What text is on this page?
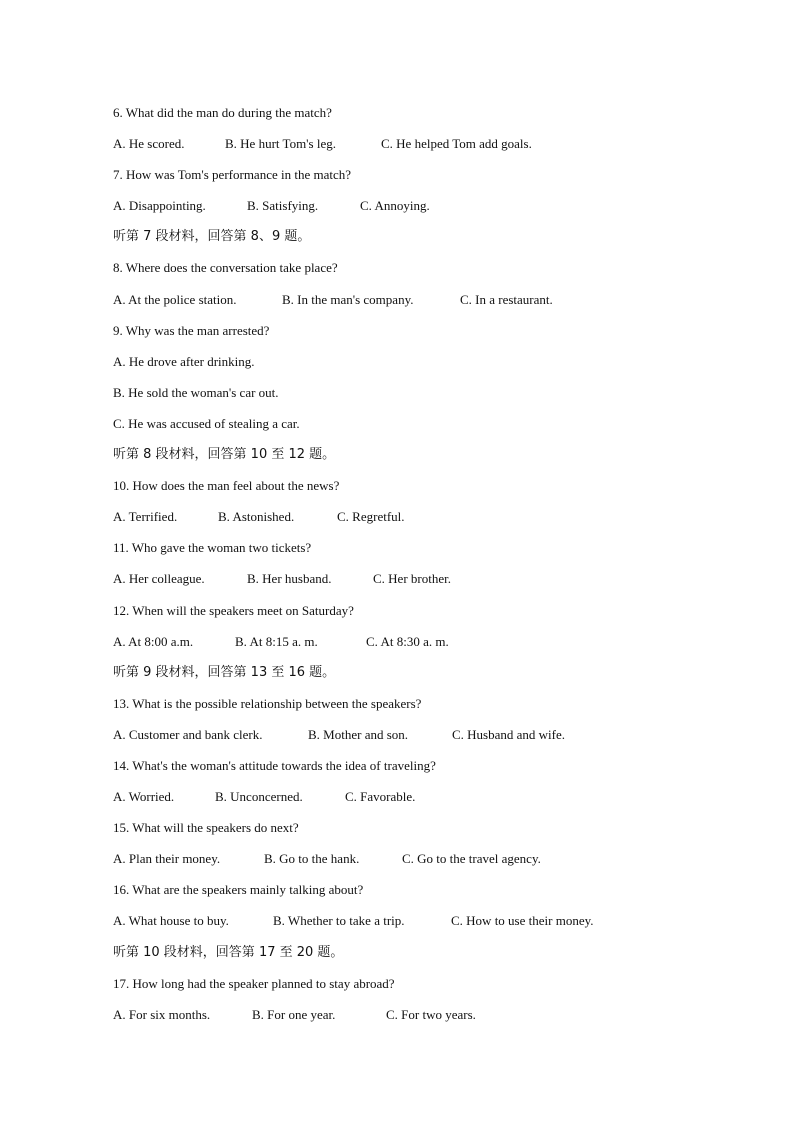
6. What did the man do during the match?
A. He scored.	B. He hurt Tom's leg.	C. He helped Tom add goals.
7. How was Tom's performance in the match?
A. Disappointing.	B. Satisfying.	C. Annoying.
听第 7 段材料，回答第 8、9 题。
8. Where does the conversation take place?
A. At the police station.	B. In the man's company.	C. In a restaurant.
9. Why was the man arrested?
A. He drove after drinking.
B. He sold the woman's car out.
C. He was accused of stealing a car.
听第 8 段材料，回答第 10 至 12 题。
10. How does the man feel about the news?
A. Terrified.	B. Astonished.	C. Regretful.
11. Who gave the woman two tickets?
A. Her colleague.	B. Her husband.	C. Her brother.
12. When will the speakers meet on Saturday?
A. At 8:00 a.m.	B. At 8:15 a. m.	C. At 8:30 a. m.
听第 9 段材料，回答第 13 至 16 题。
13. What is the possible relationship between the speakers?
A. Customer and bank clerk.	B. Mother and son.	C. Husband and wife.
14. What's the woman's attitude towards the idea of traveling?
A. Worried.	B. Unconcerned.	C. Favorable.
15. What will the speakers do next?
A. Plan their money.	B. Go to the hank.	C. Go to the travel agency.
16. What are the speakers mainly talking about?
A. What house to buy.	B. Whether to take a trip.	C. How to use their money.
听第 10 段材料，回答第 17 至 20 题。
17. How long had the speaker planned to stay abroad?
A. For six months.	B. For one year.	C. For two years.
